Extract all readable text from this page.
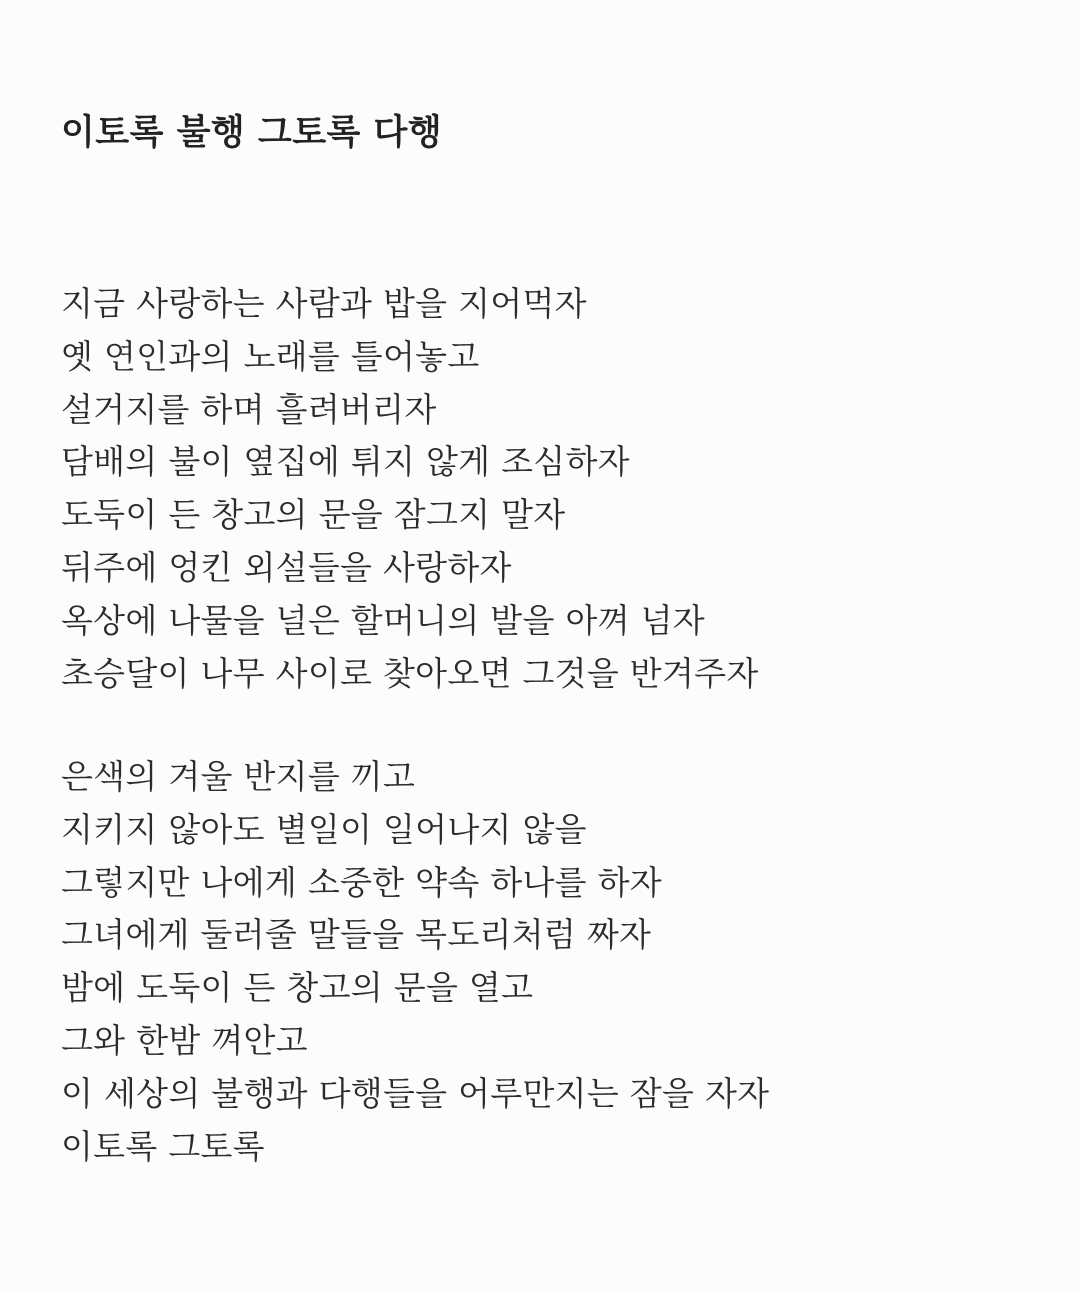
이토록 불행 그토록 다행
지금 사랑하는 사람과 밥을 지어먹자
옛 연인과의 노래를 틀어놓고
설거지를 하며 흘려버리자
담배의 불이 옆집에 튀지 않게 조심하자
도둑이 든 창고의 문을 잠그지 말자
뒤주에 엉킨 외설들을 사랑하자
옥상에 나물을 널은 할머니의 발을 아껴 넘자
초승달이 나무 사이로 찾아오면 그것을 반겨주자
은색의 겨울 반지를 끼고
지키지 않아도 별일이 일어나지 않을
그렇지만 나에게 소중한 약속 하나를 하자
그녀에게 둘러줄 말들을 목도리처럼 짜자
밤에 도둑이 든 창고의 문을 열고
그와 한밤 껴안고
이 세상의 불행과 다행들을 어루만지는 잠을 자자
이토록 그토록
